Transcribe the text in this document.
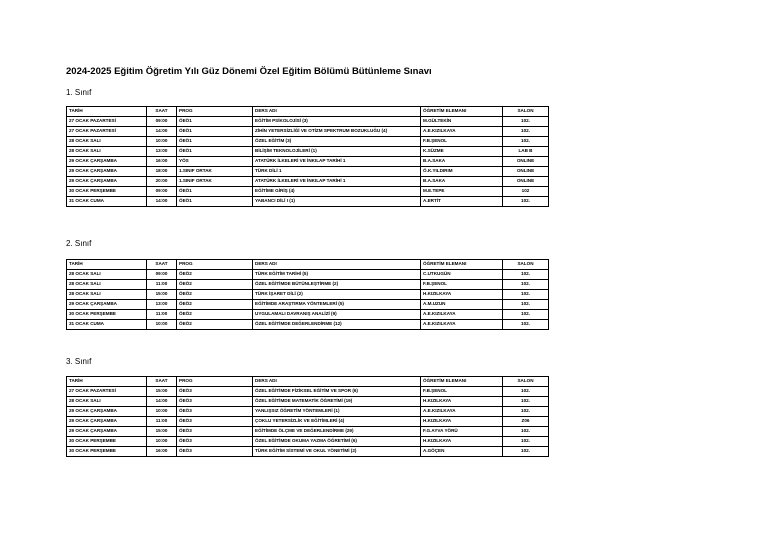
2024-2025 Eğitim Öğretim Yılı Güz Dönemi Özel Eğitim Bölümü Bütünleme Sınavı
1. Sınıf
TARİH	SAAT	PROG	DERS ADI	ÖĞRETİM ELEMANI	SALON
27 OCAK PAZARTESİ	09:00	ÖEÖ1	EĞİTİM PSİKOLOJİSİ (3)	M.GÜLTEKİN	102.
27 OCAK PAZARTESİ	14:00	ÖEÖ1	ZİHİN YETERSİZLİĞİ VE OTİZM SPEKTRUM BOZUKLUĞU (4)	A.E.KIZILKAYA	102.
28 OCAK SALI	10:00	ÖEÖ1	ÖZEL EĞİTİM (3)	F.B.ŞENOL	102.
28 OCAK SALI	13:00	ÖEÖ1	BİLİŞİM TEKNOLOJİLERİ (1)	K.SÜZME	LAB B
29 OCAK ÇARŞAMBA	16:00	YÖS	ATATÜRK İLKELERİ VE İNKILAP TARİHİ 1	B.A.SAKA	ONLINE
29 OCAK ÇARŞAMBA	18:00	1.SINIF ORTAK	TÜRK DİLİ 1	Ö.K.YILDIRIM	ONLINE
29 OCAK ÇARŞAMBA	20:00	1.SINIF ORTAK	ATATÜRK İLKELERİ VE İNKILAP TARİHİ 1	B.A.SAKA	ONLINE
30 OCAK PERŞEMBE	09:00	ÖEÖ1	EĞİTİME GİRİŞ (4)	M.E.TEPE	102
31 OCAK CUMA	14:00	ÖEÖ1	YABANCI DİLİ I (1)	A.ERTİT	102.
2. Sınıf
TARİH	SAAT	PROG	DERS ADI	ÖĞRETİM ELEMANI	SALON
28 OCAK SALI	09:00	ÖEÖ2	TÜRK EĞİTİM TARİHİ (5)	C.UTKUGÜN	102.
28 OCAK SALI	11:00	ÖEÖ2	ÖZEL EĞİTİMDE BÜTÜNLEŞTİRME (2)	F.B.ŞENOL	102.
28 OCAK SALI	15:00	ÖEÖ2	TÜRK İŞARET DİLİ (2)	H.KIZILKAYA	102.
29 OCAK ÇARŞAMBA	13:00	ÖEÖ2	EĞİTİMDE ARAŞTIRMA YÖNTEMLERİ (5)	A.M.UZUN	102.
30 OCAK PERŞEMBE	11:00	ÖEÖ2	UYGULAMALI DAVRANIŞ ANALİZİ (9)	A.E.KIZILKAYA	102.
31 OCAK CUMA	10:00	ÖEÖ2	ÖZEL EĞİTİMDE DEĞERLENDİRME (12)	A.E.KIZILKAYA	102.
3. Sınıf
TARİH	SAAT	PROG	DERS ADI	ÖĞRETİM ELEMANI	SALON
27 OCAK PAZARTESİ	15:00	ÖEÖ3	ÖZEL EĞİTİMDE FİZİKSEL EĞİTİM VE SPOR (6)	F.B.ŞENOL	102.
28 OCAK SALI	14:00	ÖEÖ3	ÖZEL EĞİTİMDE MATEMATİK ÖĞRETİMİ (19)	H.KIZILKAYA	102.
29 OCAK ÇARŞAMBA	10:00	ÖEÖ3	YANLIŞSIZ ÖĞRETİM YÖNTEMLERİ (1)	A.E.KIZILKAYA	102.
29 OCAK ÇARŞAMBA	11:00	ÖEÖ3	ÇOKLU YETERSİZLİK VE EĞİTİMLERİ (4)	H.KIZILKAYA	Z06
29 OCAK ÇARŞAMBA	15:00	ÖEÖ3	EĞİTİMDE ÖLÇME VE DEĞERLENDİRME (29)	F.G.AYVA YÖRÜ	102.
30 OCAK PERŞEMBE	10:00	ÖEÖ3	ÖZEL EĞİTİMDE OKUMA YAZMA ÖĞRETİMİ (6)	H.KIZILKAYA	102.
30 OCAK PERŞEMBE	16:00	ÖEÖ3	TÜRK EĞİTİM SİSTEMİ VE OKUL YÖNETİMİ (2)	A.GÖÇEN	102.
